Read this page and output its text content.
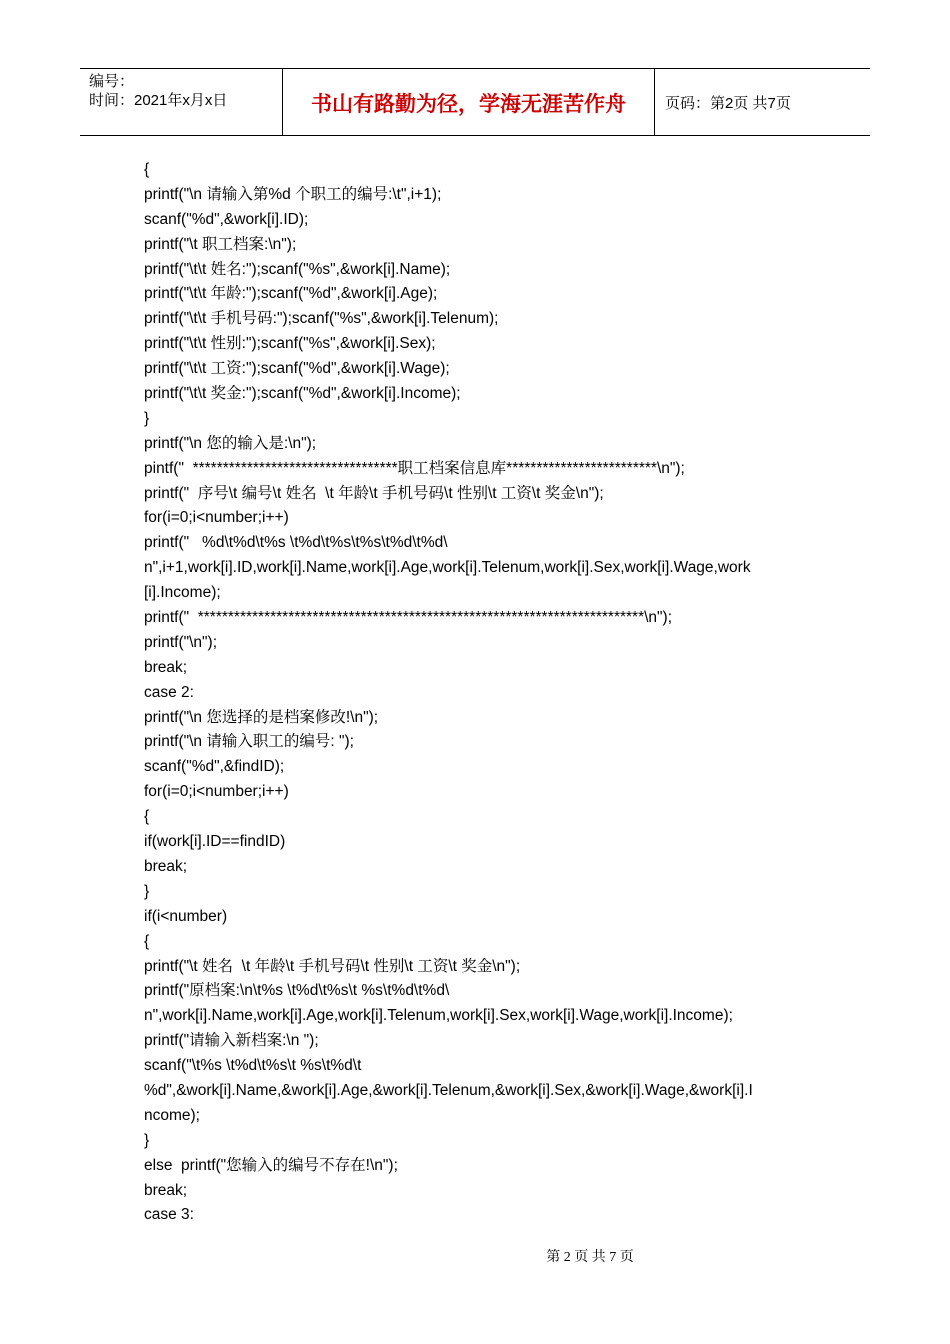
编号：
时间：2021年x月x日	书山有路勤为径，学海无涯苦作舟	页码：第2页 共7页
{
printf("\n 请输入第%d 个职工的编号:\t",i+1);
scanf("%d",&work[i].ID);
printf("\t 职工档案:\n");
printf("\t\t 姓名:");scanf("%s",&work[i].Name);
printf("\t\t 年龄:");scanf("%d",&work[i].Age);
printf("\t\t 手机号码:");scanf("%s",&work[i].Telenum);
printf("\t\t 性别:");scanf("%s",&work[i].Sex);
printf("\t\t 工资:");scanf("%d",&work[i].Wage);
printf("\t\t 奖金:");scanf("%d",&work[i].Income);
}
printf("\n 您的输入是:\n");
pintf("  **********************************职工档案信息库*************************\n");
printf("  序号\t 编号\t 姓名  \t 年龄\t 手机号码\t 性别\t 工资\t 奖金\n");
for(i=0;i<number;i++)
printf("   %d\t%d\t%s \t%d\t%s\t%s\t%d\t%d\
n",i+1,work[i].ID,work[i].Name,work[i].Age,work[i].Telenum,work[i].Sex,work[i].Wage,work
[i].Income);
printf("  **************************************************************************\n");
printf("\n");
break;
case 2:
printf("\n 您选择的是档案修改!\n");
printf("\n 请输入职工的编号: ");
scanf("%d",&findID);
for(i=0;i<number;i++)
{
if(work[i].ID==findID)
break;
}
if(i<number)
{
printf("\t 姓名  \t 年龄\t 手机号码\t 性别\t 工资\t 奖金\n");
printf("原档案:\n\t%s \t%d\t%s\t %s\t%d\t%d\
n",work[i].Name,work[i].Age,work[i].Telenum,work[i].Sex,work[i].Wage,work[i].Income);
printf("请输入新档案:\n ");
scanf("\t%s \t%d\t%s\t %s\t%d\t
%d",&work[i].Name,&work[i].Age,&work[i].Telenum,&work[i].Sex,&work[i].Wage,&work[i].I
ncome);
}
else  printf("您输入的编号不存在!\n");
break;
case 3:
第 2 页 共 7 页
